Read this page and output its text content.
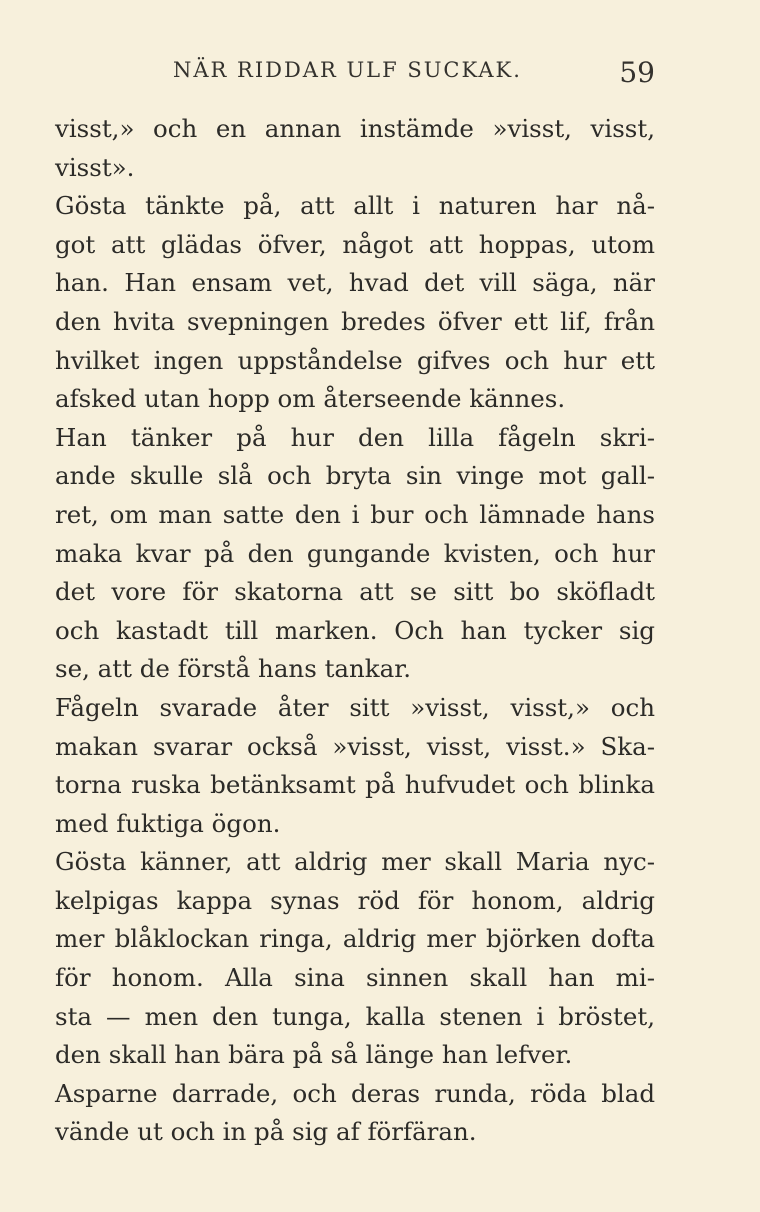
NÄR RIDDAR ULF SUCKAK.	59
visst,» och en annan instämde »visst, visst,
visst».
Gösta tänkte på, att allt i naturen har nå-
got att glädas öfver, något att hoppas, utom
han. Han ensam vet, hvad det vill säga, när
den hvita svepningen bredes öfver ett lif, från
hvilket ingen uppståndelse gifves och hur ett
afsked utan hopp om återseende kännes.
Han tänker på hur den lilla fågeln skri-
ande skulle slå och bryta sin vinge mot gall-
ret, om man satte den i bur och lämnade hans
maka kvar på den gungande kvisten, och hur
det vore för skatorna att se sitt bo sköfladt
och kastadt till marken. Och han tycker sig
se, att de förstå hans tankar.
Fågeln svarade åter sitt »visst, visst,» och
makan svarar också »visst, visst, visst.» Ska-
torna ruska betänksamt på hufvudet och blinka
med fuktiga ögon.
Gösta känner, att aldrig mer skall Maria nyc-
kelpigas kappa synas röd för honom, aldrig
mer blåklockan ringa, aldrig mer björken dofta
för honom. Alla sina sinnen skall han mi-
sta — men den tunga, kalla stenen i bröstet,
den skall han bära på så länge han lefver.
Asparne darrade, och deras runda, röda blad
vände ut och in på sig af förfäran.
